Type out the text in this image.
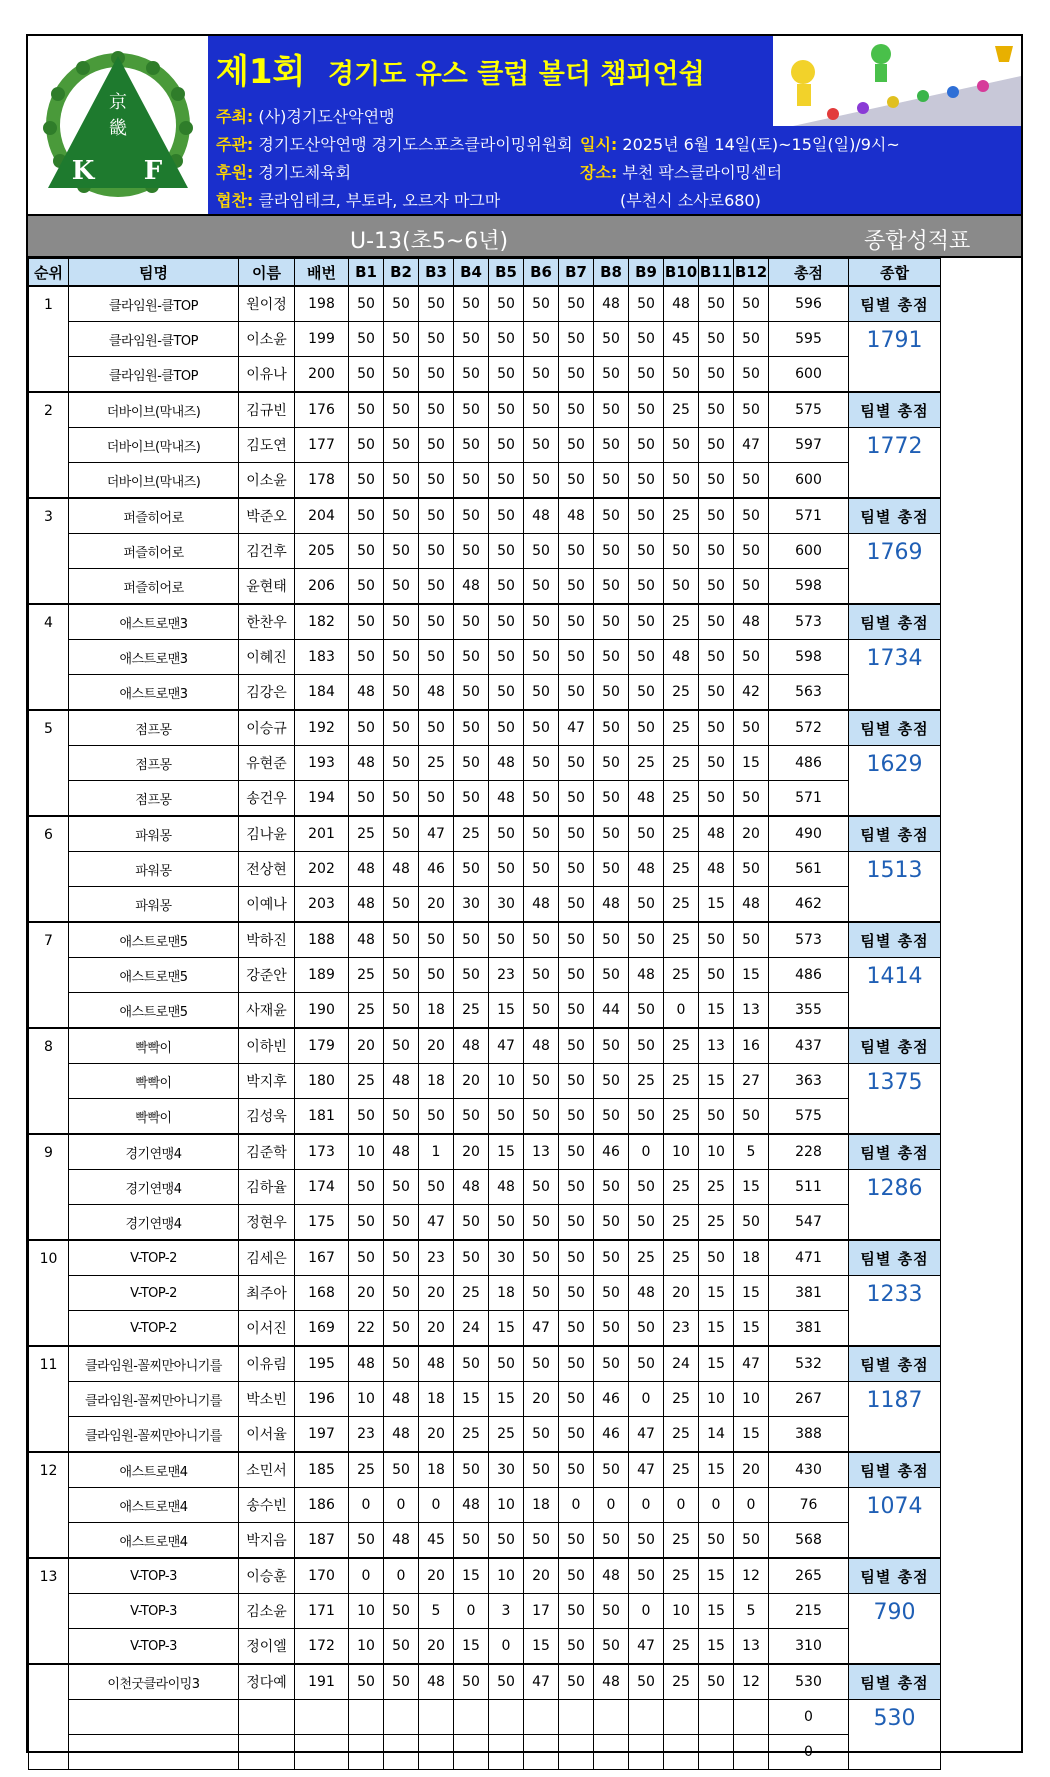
京
畿
K F
제1회 경기도 유스 클럽 볼더 챔피언쉽
주최: (사)경기도산악연맹
주관: 경기도산악연맹 경기도스포츠클라이밍위원회
후원: 경기도체육회
협찬: 클라임테크, 부토라, 오르자 마그마
일시: 2025년 6월 14일(토)~15일(일)/9시~
장소: 부천 팍스클라이밍센터
(부천시 소사로680)
U-13(초5~6년)	종합성적표
순위	팀명	이름	배번	B1	B2	B3	B4	B5	B6	B7	B8	B9	B10	B11	B12	총점	종합
1	클라임원-클TOP	원이정	198	50	50	50	50	50	50	50	48	50	48	50	50	596	팀별 총점
	클라임원-클TOP	이소윤	199	50	50	50	50	50	50	50	50	50	45	50	50	595	1791
	클라임원-클TOP	이유나	200	50	50	50	50	50	50	50	50	50	50	50	50	600	
2	더바이브(막내즈)	김규빈	176	50	50	50	50	50	50	50	50	50	25	50	50	575	팀별 총점
	더바이브(막내즈)	김도연	177	50	50	50	50	50	50	50	50	50	50	50	47	597	1772
	더바이브(막내즈)	이소윤	178	50	50	50	50	50	50	50	50	50	50	50	50	600	
3	퍼즐히어로	박준오	204	50	50	50	50	50	48	48	50	50	25	50	50	571	팀별 총점
	퍼즐히어로	김건후	205	50	50	50	50	50	50	50	50	50	50	50	50	600	1769
	퍼즐히어로	윤현태	206	50	50	50	48	50	50	50	50	50	50	50	50	598	
4	애스트로맨3	한찬우	182	50	50	50	50	50	50	50	50	50	25	50	48	573	팀별 총점
	애스트로맨3	이혜진	183	50	50	50	50	50	50	50	50	50	48	50	50	598	1734
	애스트로맨3	김강은	184	48	50	48	50	50	50	50	50	50	25	50	42	563	
5	점프몽	이승규	192	50	50	50	50	50	50	47	50	50	25	50	50	572	팀별 총점
	점프몽	유현준	193	48	50	25	50	48	50	50	50	25	25	50	15	486	1629
	점프몽	송건우	194	50	50	50	50	48	50	50	50	48	25	50	50	571	
6	파워몽	김나윤	201	25	50	47	25	50	50	50	50	50	25	48	20	490	팀별 총점
	파워몽	전상현	202	48	48	46	50	50	50	50	50	48	25	48	50	561	1513
	파워몽	이예나	203	48	50	20	30	30	48	50	48	50	25	15	48	462	
7	애스트로맨5	박하진	188	48	50	50	50	50	50	50	50	50	25	50	50	573	팀별 총점
	애스트로맨5	강준안	189	25	50	50	50	23	50	50	50	48	25	50	15	486	1414
	애스트로맨5	사재윤	190	25	50	18	25	15	50	50	44	50	0	15	13	355	
8	빡빡이	이하빈	179	20	50	20	48	47	48	50	50	50	25	13	16	437	팀별 총점
	빡빡이	박지후	180	25	48	18	20	10	50	50	50	25	25	15	27	363	1375
	빡빡이	김성욱	181	50	50	50	50	50	50	50	50	50	25	50	50	575	
9	경기연맹4	김준학	173	10	48	1	20	15	13	50	46	0	10	10	5	228	팀별 총점
	경기연맹4	김하율	174	50	50	50	48	48	50	50	50	50	25	25	15	511	1286
	경기연맹4	정현우	175	50	50	47	50	50	50	50	50	50	25	25	50	547	
10	V-TOP-2	김세은	167	50	50	23	50	30	50	50	50	25	25	50	18	471	팀별 총점
	V-TOP-2	최주아	168	20	50	20	25	18	50	50	50	48	20	15	15	381	1233
	V-TOP-2	이서진	169	22	50	20	24	15	47	50	50	50	23	15	15	381	
11	클라임원-꼴찌만아니기를	이유림	195	48	50	48	50	50	50	50	50	50	24	15	47	532	팀별 총점
	클라임원-꼴찌만아니기를	박소빈	196	10	48	18	15	15	20	50	46	0	25	10	10	267	1187
	클라임원-꼴찌만아니기를	이서율	197	23	48	20	25	25	50	50	46	47	25	14	15	388	
12	애스트로맨4	소민서	185	25	50	18	50	30	50	50	50	47	25	15	20	430	팀별 총점
	애스트로맨4	송수빈	186	0	0	0	48	10	18	0	0	0	0	0	0	76	1074
	애스트로맨4	박지음	187	50	48	45	50	50	50	50	50	50	25	50	50	568	
13	V-TOP-3	이승훈	170	0	0	20	15	10	20	50	48	50	25	15	12	265	팀별 총점
	V-TOP-3	김소윤	171	10	50	5	0	3	17	50	50	0	10	15	5	215	790
	V-TOP-3	정이엘	172	10	50	20	15	0	15	50	50	47	25	15	13	310	
	이천굿클라이밍3	정다예	191	50	50	48	50	50	47	50	48	50	25	50	12	530	팀별 총점
																0	530
																0	
